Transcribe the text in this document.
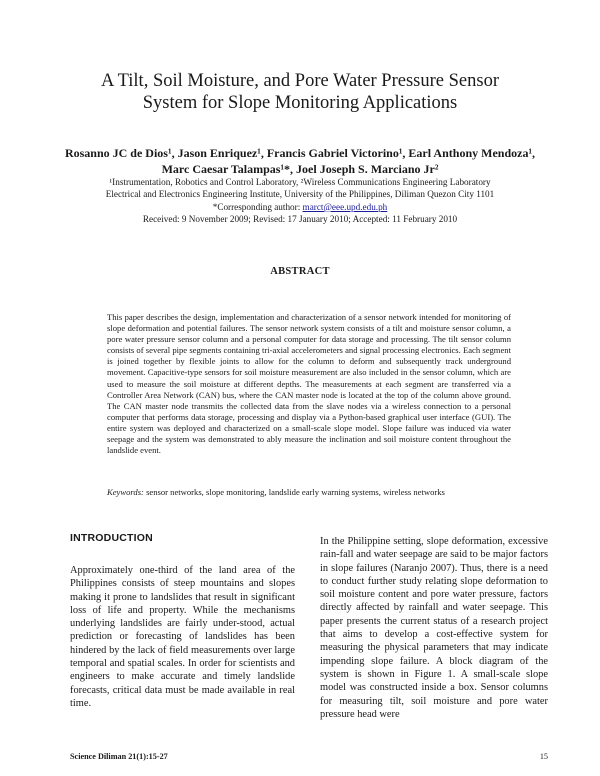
A Tilt, Soil Moisture, and Pore Water Pressure Sensor
System for Slope Monitoring Applications
Rosanno JC de Dios¹, Jason Enriquez¹, Francis Gabriel Victorino¹, Earl Anthony Mendoza¹,
Marc Caesar Talampas¹*, Joel Joseph S. Marciano Jr²
¹Instrumentation, Robotics and Control Laboratory, ²Wireless Communications Engineering Laboratory
Electrical and Electronics Engineering Institute, University of the Philippines, Diliman Quezon City 1101
*Corresponding author: marct@eee.upd.edu.ph
Received: 9 November 2009; Revised: 17 January 2010; Accepted: 11 February 2010
ABSTRACT
This paper describes the design, implementation and characterization of a sensor network intended for monitoring of slope deformation and potential failures. The sensor network system consists of a tilt and moisture sensor column, a pore water pressure sensor column and a personal computer for data storage and processing. The tilt sensor column consists of several pipe segments containing tri-axial accelerometers and signal processing electronics. Each segment is joined together by flexible joints to allow for the column to deform and subsequently track underground movement. Capacitive-type sensors for soil moisture measurement are also included in the sensor column, which are used to measure the soil moisture at different depths. The measurements at each segment are transferred via a Controller Area Network (CAN) bus, where the CAN master node is located at the top of the column above ground. The CAN master node transmits the collected data from the slave nodes via a wireless connection to a personal computer that performs data storage, processing and display via a Python-based graphical user interface (GUI). The entire system was deployed and characterized on a small-scale slope model. Slope failure was induced via water seepage and the system was demonstrated to ably measure the inclination and soil moisture content throughout the landslide event.
Keywords: sensor networks, slope monitoring, landslide early warning systems, wireless networks
INTRODUCTION
Approximately one-third of the land area of the Philippines consists of steep mountains and slopes making it prone to landslides that result in significant loss of life and property. While the mechanisms underlying landslides are fairly under-stood, actual prediction or forecasting of landslides has been hindered by the lack of field measurements over large temporal and spatial scales. In order for scientists and engineers to make accurate and timely landslide forecasts, critical data must be made available in real time.
In the Philippine setting, slope deformation, excessive rain-fall and water seepage are said to be major factors in slope failures (Naranjo 2007). Thus, there is a need to conduct further study relating slope deformation to soil moisture content and pore water pressure, factors directly affected by rainfall and water seepage. This paper presents the current status of a research project that aims to develop a cost-effective system for measuring the physical parameters that may indicate impending slope failure. A block diagram of the system is shown in Figure 1. A small-scale slope model was constructed inside a box. Sensor columns for measuring tilt, soil moisture and pore water pressure head were
Science Diliman 21(1):15-27	15
